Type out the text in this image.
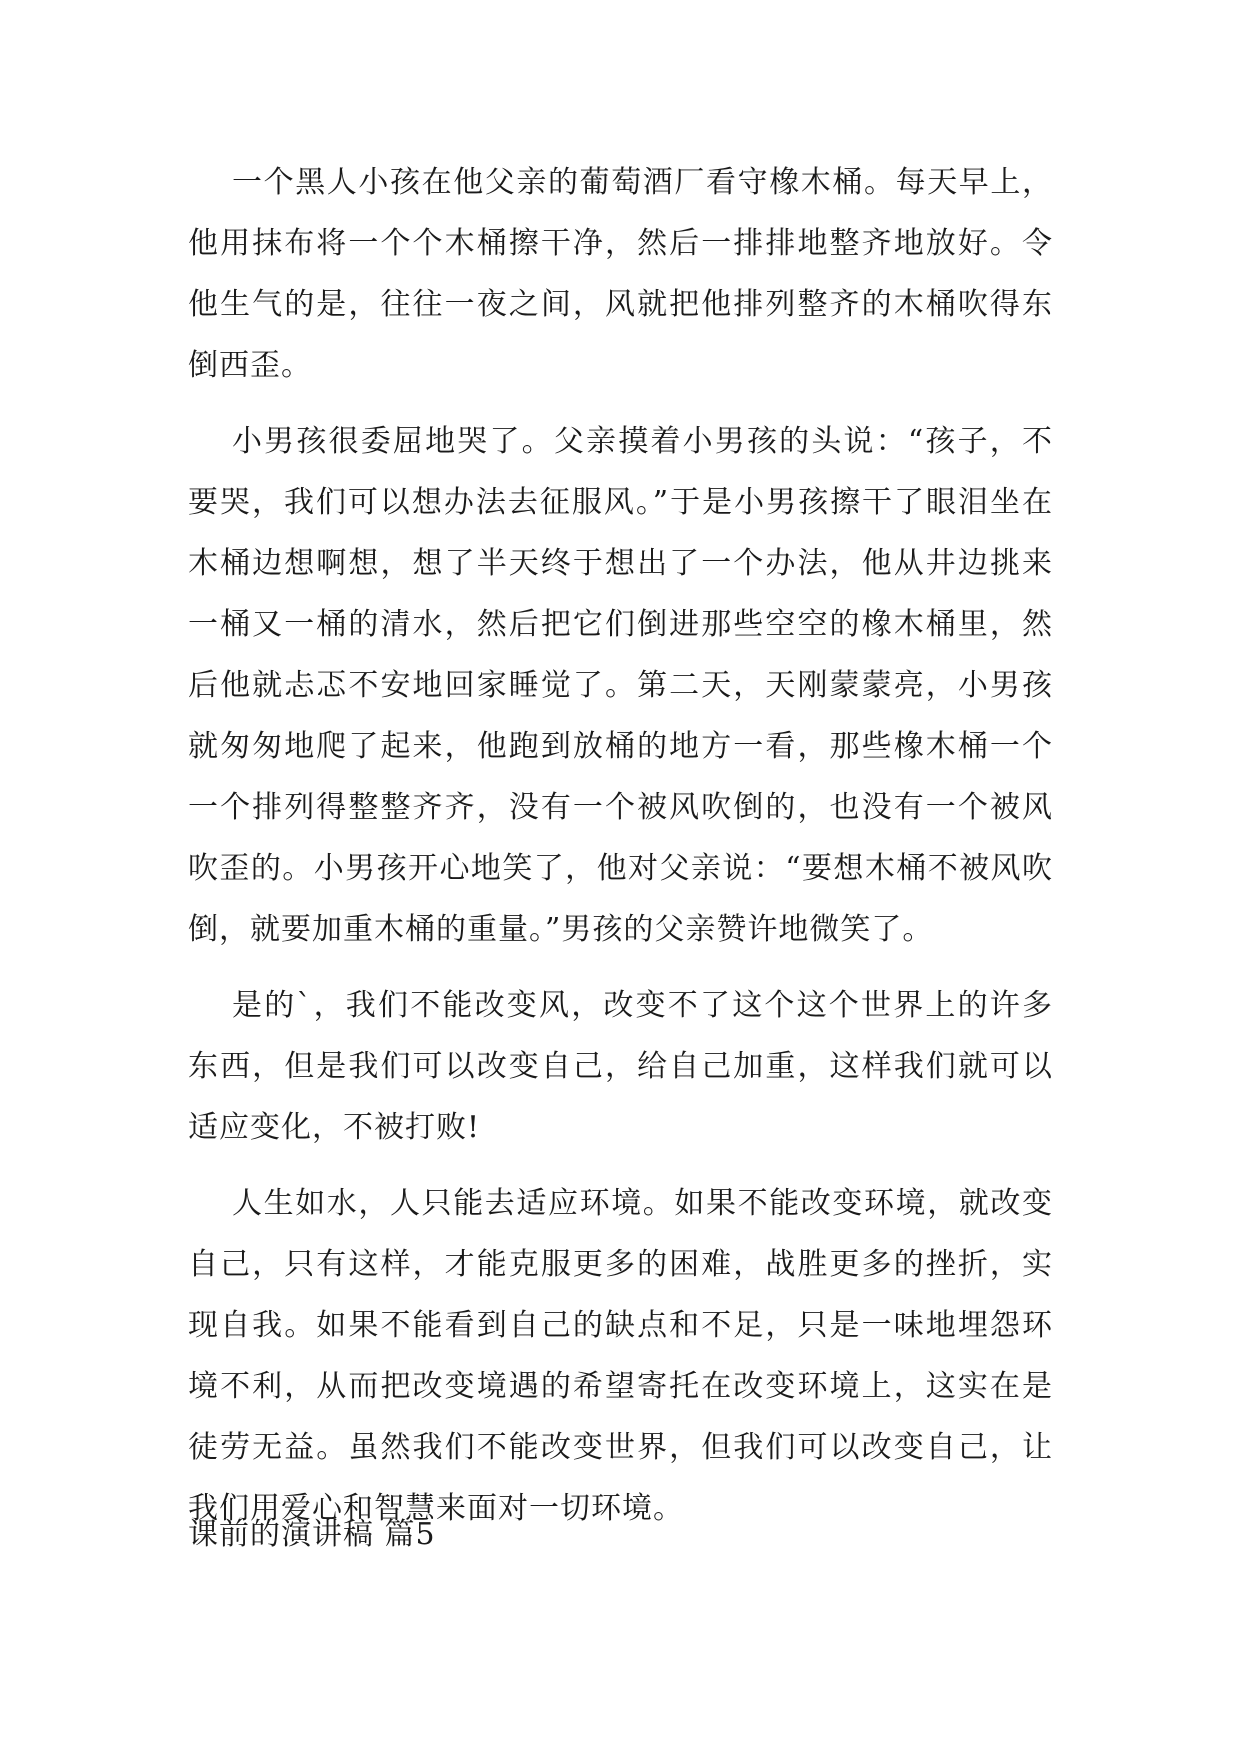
一个黑人小孩在他父亲的葡萄酒厂看守橡木桶。每天早上，他用抹布将一个个木桶擦干净，然后一排排地整齐地放好。令他生气的是，往往一夜之间，风就把他排列整齐的木桶吹得东倒西歪。

小男孩很委屈地哭了。父亲摸着小男孩的头说：“孩子，不要哭，我们可以想办法去征服风。”于是小男孩擦干了眼泪坐在木桶边想啊想，想了半天终于想出了一个办法，他从井边挑来一桶又一桶的清水，然后把它们倒进那些空空的橡木桶里，然后他就忐忑不安地回家睡觉了。第二天，天刚蒙蒙亮，小男孩就匆匆地爬了起来，他跑到放桶的地方一看，那些橡木桶一个一个排列得整整齐齐，没有一个被风吹倒的，也没有一个被风吹歪的。小男孩开心地笑了，他对父亲说：“要想木桶不被风吹倒，就要加重木桶的重量。”男孩的父亲赞许地微笑了。

是的`，我们不能改变风，改变不了这个这个世界上的许多东西，但是我们可以改变自己，给自己加重，这样我们就可以适应变化，不被打败!

人生如水，人只能去适应环境。如果不能改变环境，就改变自己，只有这样，才能克服更多的困难，战胜更多的挫折，实现自我。如果不能看到自己的缺点和不足，只是一味地埋怨环境不利，从而把改变境遇的希望寄托在改变环境上，这实在是徒劳无益。虽然我们不能改变世界，但我们可以改变自己，让我们用爱心和智慧来面对一切环境。

课前的演讲稿 篇5
